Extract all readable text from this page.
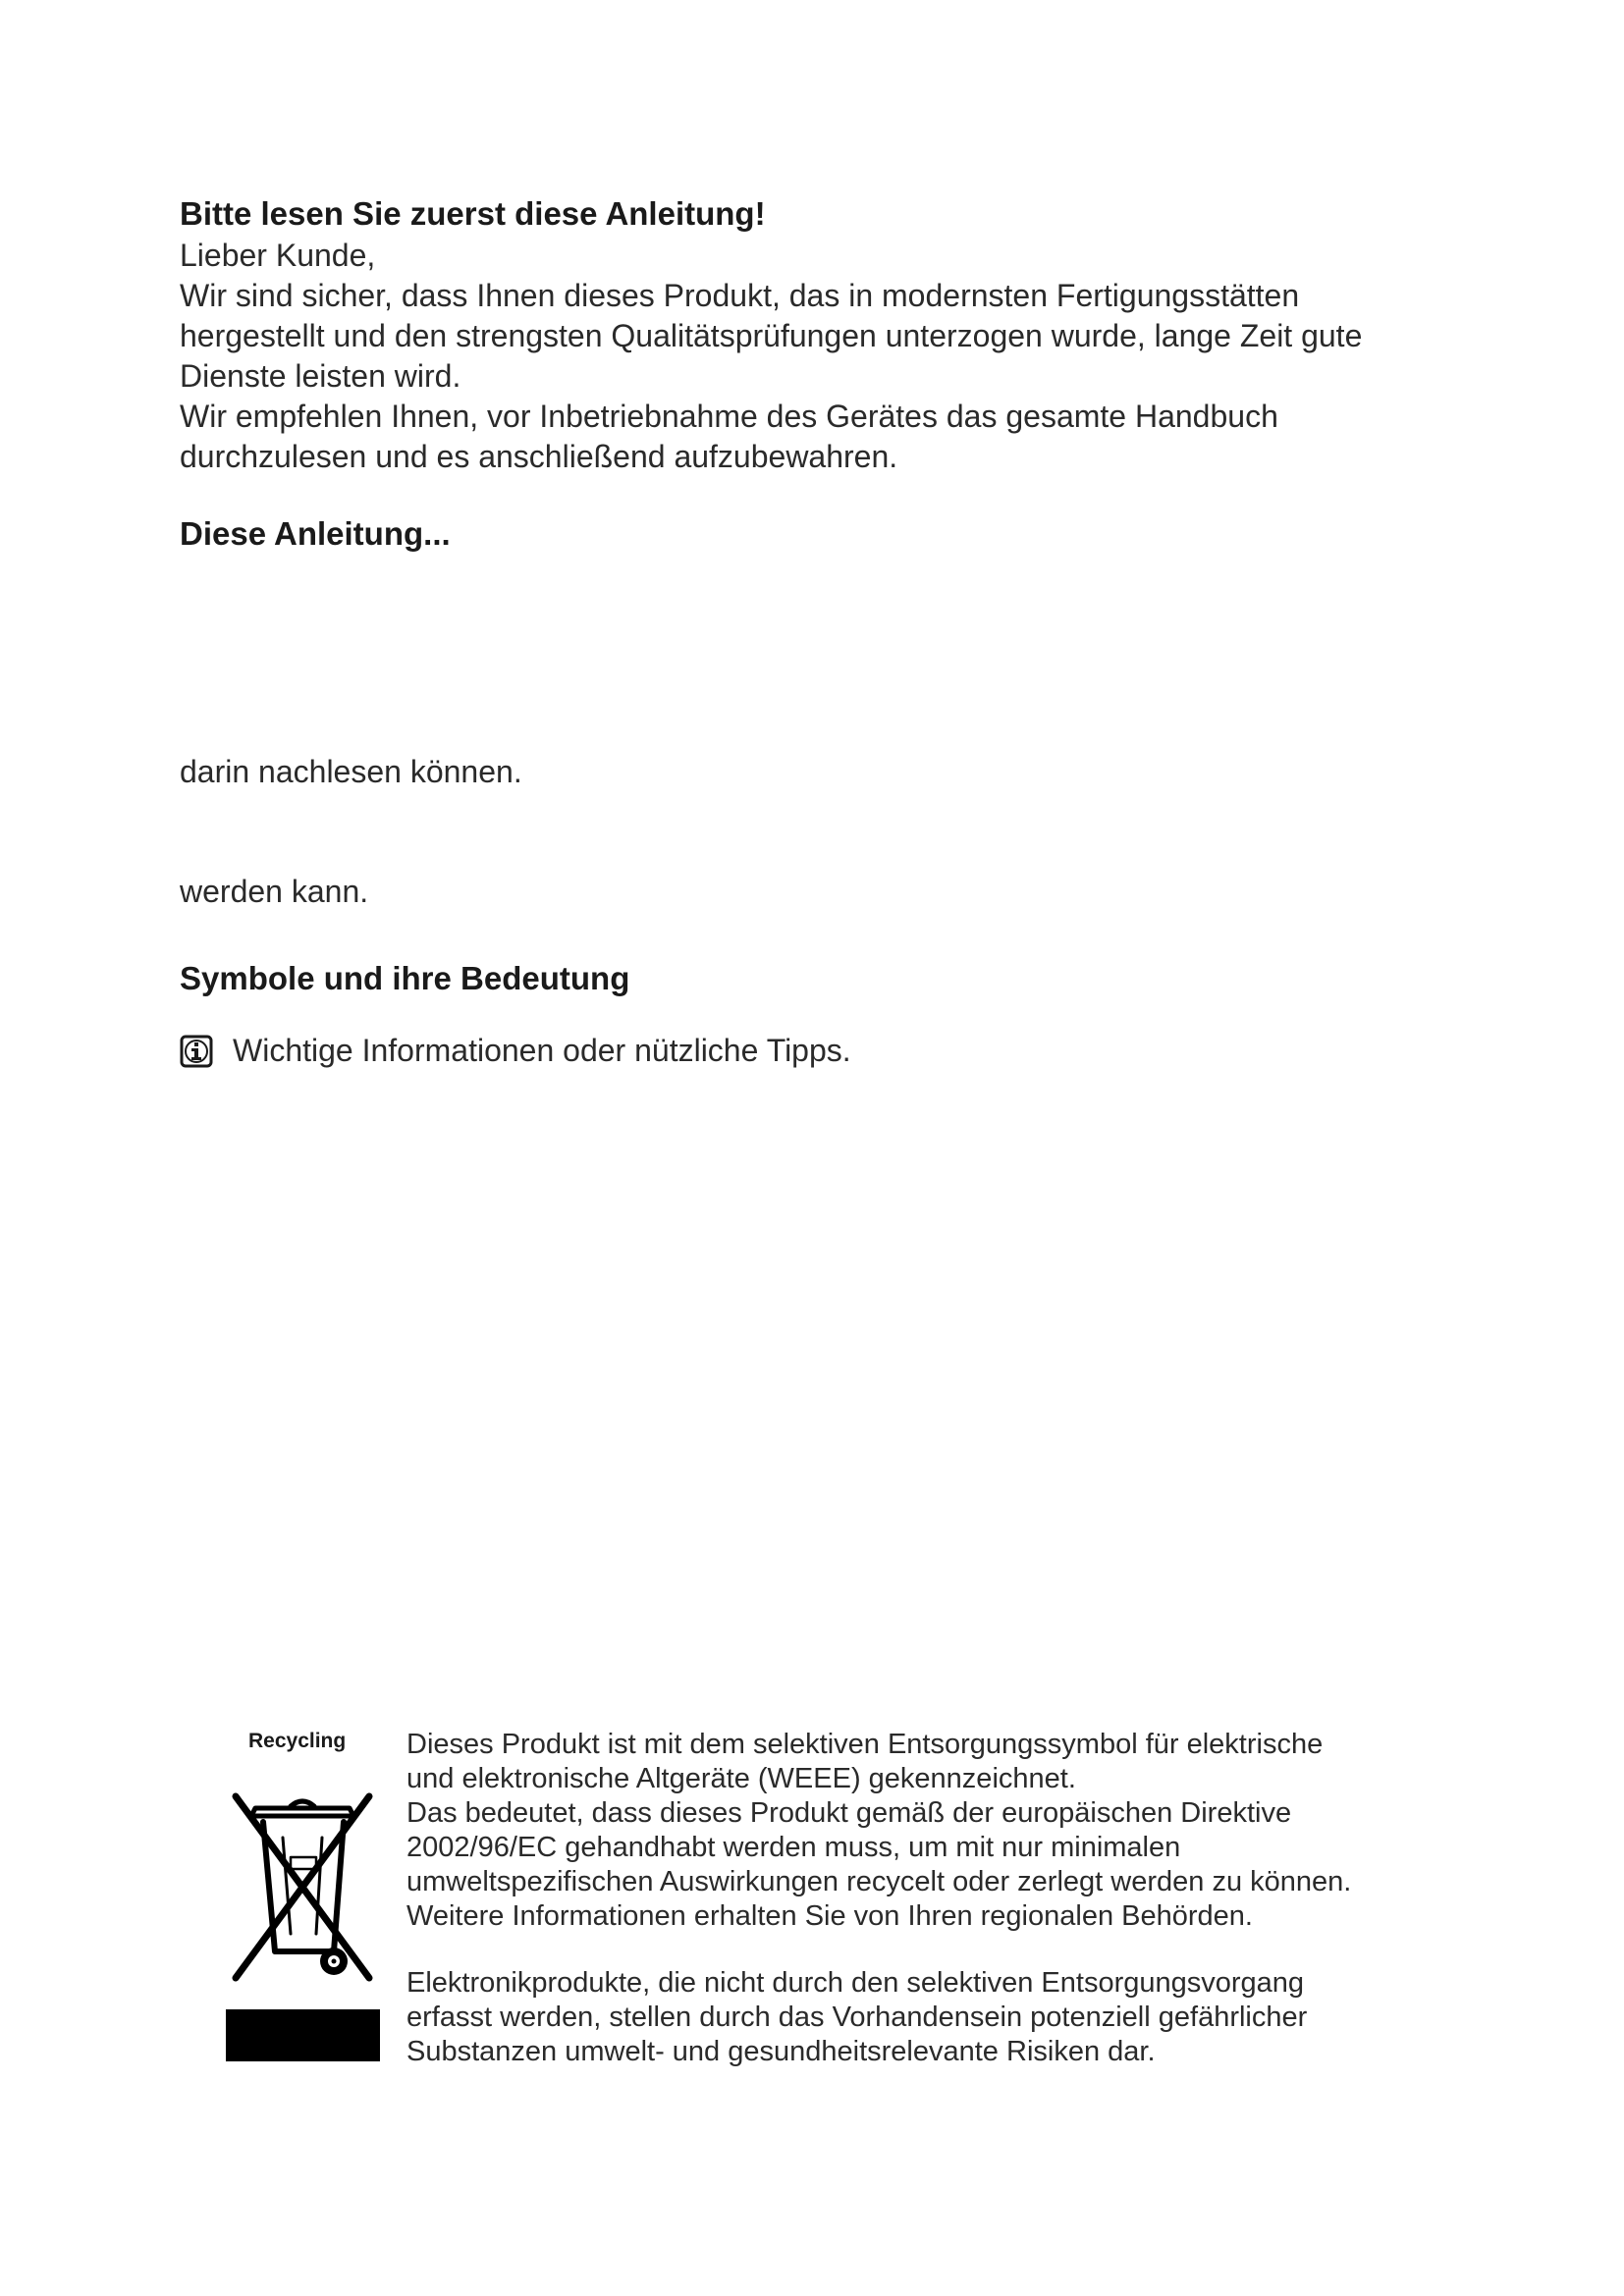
Bitte lesen Sie zuerst diese Anleitung!
Lieber Kunde,
Wir sind sicher, dass Ihnen dieses Produkt, das in modernsten Fertigungsstätten
hergestellt und den strengsten Qualitätsprüfungen unterzogen wurde, lange Zeit gute
Dienste leisten wird.
Wir empfehlen Ihnen, vor Inbetriebnahme des Gerätes das gesamte Handbuch
durchzulesen und es anschließend aufzubewahren.
Diese Anleitung...
darin nachlesen können.
werden kann.
Symbole und ihre Bedeutung
Wichtige Informationen oder nützliche Tipps.
Recycling Dieses Produkt ist mit dem selektiven Entsorgungssymbol für elektrische
und elektronische Altgeräte (WEEE) gekennzeichnet.
Das bedeutet, dass dieses Produkt gemäß der europäischen Direktive
2002/96/EC gehandhabt werden muss, um mit nur minimalen
umweltspezifischen Auswirkungen recycelt oder zerlegt werden zu können.
Weitere Informationen erhalten Sie von Ihren regionalen Behörden.
Elektronikprodukte, die nicht durch den selektiven Entsorgungsvorgang
erfasst werden, stellen durch das Vorhandensein potenziell gefährlicher
Substanzen umwelt- und gesundheitsrelevante Risiken dar.
